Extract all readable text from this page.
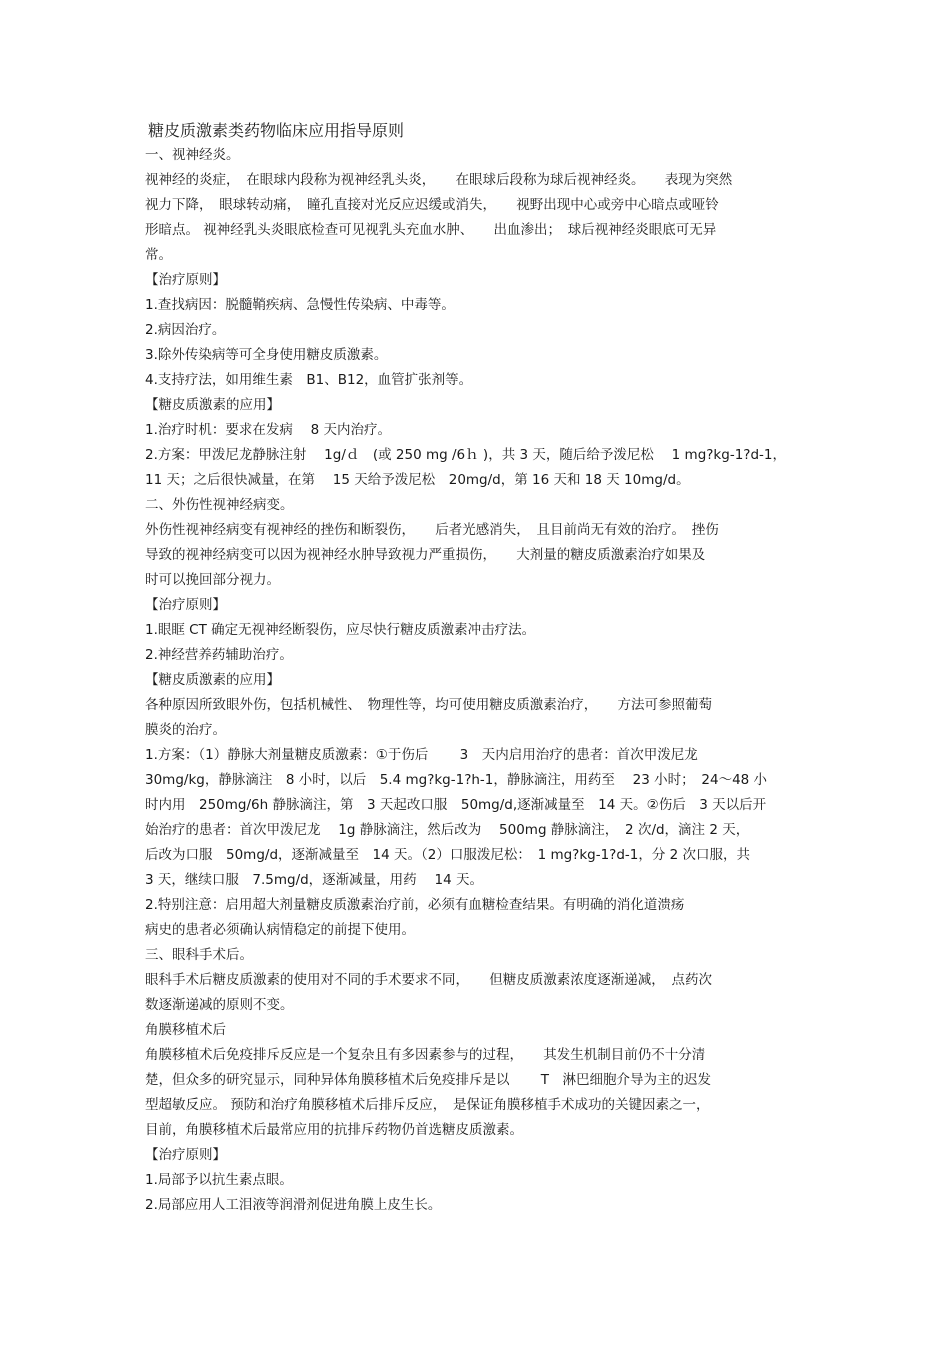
糖皮质激素类药物临床应用指导原则
一、视神经炎。
视神经的炎症，　在眼球内段称为视神经乳头炎，　　在眼球后段称为球后视神经炎。　　表现为突然
视力下降，　眼球转动痛，　瞳孔直接对光反应迟缓或消失，　　视野出现中心或旁中心暗点或哑铃
形暗点。 视神经乳头炎眼底检查可见视乳头充血水肿、　　出血渗出；　球后视神经炎眼底可无异
常。
【治疗原则】
1.查找病因：脱髓鞘疾病、急慢性传染病、中毒等。
2.病因治疗。
3.除外传染病等可全身使用糖皮质激素。
4.支持疗法，如用维生素　B1、B12，血管扩张剂等。
【糖皮质激素的应用】
1.治疗时机：要求在发病　 8 天内治疗。
2.方案：甲泼尼龙静脉注射　 1g/ｄ　(或 250 mg /6ｈ )，共 3 天，随后给予泼尼松　 1 mg?kg-1?d-1，
11 天；之后很快减量，在第　 15 天给予泼尼松　20mg/d，第 16 天和 18 天 10mg/d。
二、外伤性视神经病变。
外伤性视神经病变有视神经的挫伤和断裂伤，　　后者光感消失，　且目前尚无有效的治疗。　挫伤
导致的视神经病变可以因为视神经水肿导致视力严重损伤，　　大剂量的糖皮质激素治疗如果及
时可以挽回部分视力。
【治疗原则】
1.眼眶 CT 确定无视神经断裂伤，应尽快行糖皮质激素冲击疗法。
2.神经营养药辅助治疗。
【糖皮质激素的应用】
各种原因所致眼外伤，包括机械性、　物理性等，均可使用糖皮质激素治疗，　　方法可参照葡萄
膜炎的治疗。
1.方案：（1）静脉大剂量糖皮质激素：①于伤后　　 3　天内启用治疗的患者：首次甲泼尼龙
30mg/kg，静脉滴注　8 小时，以后　5.4 mg?kg-1?h-1，静脉滴注，用药至　 23 小时；　24～48 小
时内用　250mg/6h 静脉滴注，第　3 天起改口服　50mg/d,逐渐减量至　14 天。②伤后　3 天以后开
始治疗的患者：首次甲泼尼龙　 1g 静脉滴注，然后改为　 500mg 静脉滴注，　2 次/d，滴注 2 天，
后改为口服　50mg/d，逐渐减量至　14 天。（2）口服泼尼松：　1 mg?kg-1?d-1，分 2 次口服，共
3 天，继续口服　7.5mg/d，逐渐减量，用药　 14 天。
2.特别注意：启用超大剂量糖皮质激素治疗前，必须有血糖检查结果。有明确的消化道溃疡
病史的患者必须确认病情稳定的前提下使用。
三、眼科手术后。
眼科手术后糖皮质激素的使用对不同的手术要求不同，　　但糖皮质激素浓度逐渐递减，　点药次
数逐渐递减的原则不变。
角膜移植术后
角膜移植术后免疫排斥反应是一个复杂且有多因素参与的过程，　　其发生机制目前仍不十分清
楚，但众多的研究显示，同种异体角膜移植术后免疫排斥是以　　 T　淋巴细胞介导为主的迟发
型超敏反应。 预防和治疗角膜移植术后排斥反应，　是保证角膜移植手术成功的关键因素之一，
目前，角膜移植术后最常应用的抗排斥药物仍首选糖皮质激素。
【治疗原则】
1.局部予以抗生素点眼。
2.局部应用人工泪液等润滑剂促进角膜上皮生长。
